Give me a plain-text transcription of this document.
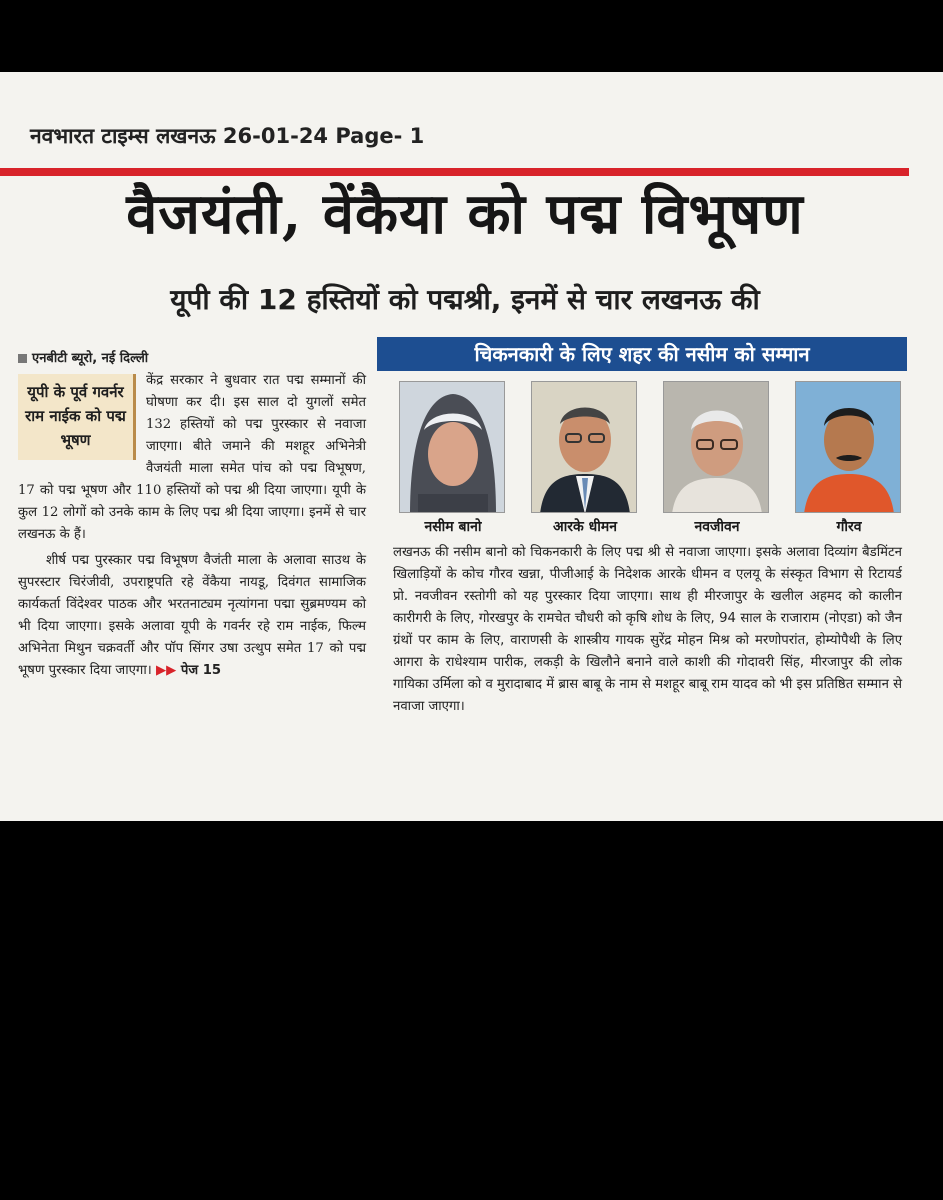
नवभारत टाइम्स लखनऊ 26-01-24 Page- 1
वैजयंती, वेंकैया को पद्म विभूषण
यूपी की 12 हस्तियों को पद्मश्री, इनमें से चार लखनऊ की
एनबीटी ब्यूरो, नई दिल्ली
यूपी के पूर्व गवर्नर राम नाईक को पद्म भूषण

केंद्र सरकार ने बुधवार रात पद्म सम्मानों की घोषणा कर दी। इस साल दो युगलों समेत 132 हस्तियों को पद्म पुरस्कार से नवाजा जाएगा। बीते जमाने की मशहूर अभिनेत्री वैजयंती माला समेत पांच को पद्म विभूषण, 17 को पद्म भूषण और 110 हस्तियों को पद्म श्री दिया जाएगा। यूपी के कुल 12 लोगों को उनके काम के लिए पद्म श्री दिया जाएगा। इनमें से चार लखनऊ के हैं।

शीर्ष पद्म पुरस्कार पद्म विभूषण वैजंती माला के अलावा साउथ के सुपरस्टार चिरंजीवी, उपराष्ट्रपति रहे वेंकैया नायडू, दिवंगत सामाजिक कार्यकर्ता विंदेश्वर पाठक और भरतनाट्यम नृत्यांगना पद्मा सुब्रमण्यम को भी दिया जाएगा। इसके अलावा यूपी के गवर्नर रहे राम नाईक, फिल्म अभिनेता मिथुन चक्रवर्ती और पॉप सिंगर उषा उत्थुप समेत 17 को पद्म भूषण पुरस्कार दिया जाएगा। ▶▶ पेज 15

चिकनकारी के लिए शहर की नसीम को सम्मान
नसीम बानो	आरके धीमन	नवजीवन	गौरव

लखनऊ की नसीम बानो को चिकनकारी के लिए पद्म श्री से नवाजा जाएगा। इसके अलावा दिव्यांग बैडमिंटन खिलाड़ियों के कोच गौरव खन्ना, पीजीआई के निदेशक आरके धीमन व एलयू के संस्कृत विभाग से रिटायर्ड प्रो. नवजीवन रस्तोगी को यह पुरस्कार दिया जाएगा। साथ ही मीरजापुर के खलील अहमद को कालीन कारीगरी के लिए, गोरखपुर के रामचेत चौधरी को कृषि शोध के लिए, 94 साल के राजाराम (नोएडा) को जैन ग्रंथों पर काम के लिए, वाराणसी के शास्त्रीय गायक सुरेंद्र मोहन मिश्र को मरणोपरांत, होम्योपैथी के लिए आगरा के राधेश्याम पारीक, लकड़ी के खिलौने बनाने वाले काशी की गोदावरी सिंह, मीरजापुर की लोक गायिका उर्मिला को व मुरादाबाद में ब्रास बाबू के नाम से मशहूर बाबू राम यादव को भी इस प्रतिष्ठित सम्मान से नवाजा जाएगा।
